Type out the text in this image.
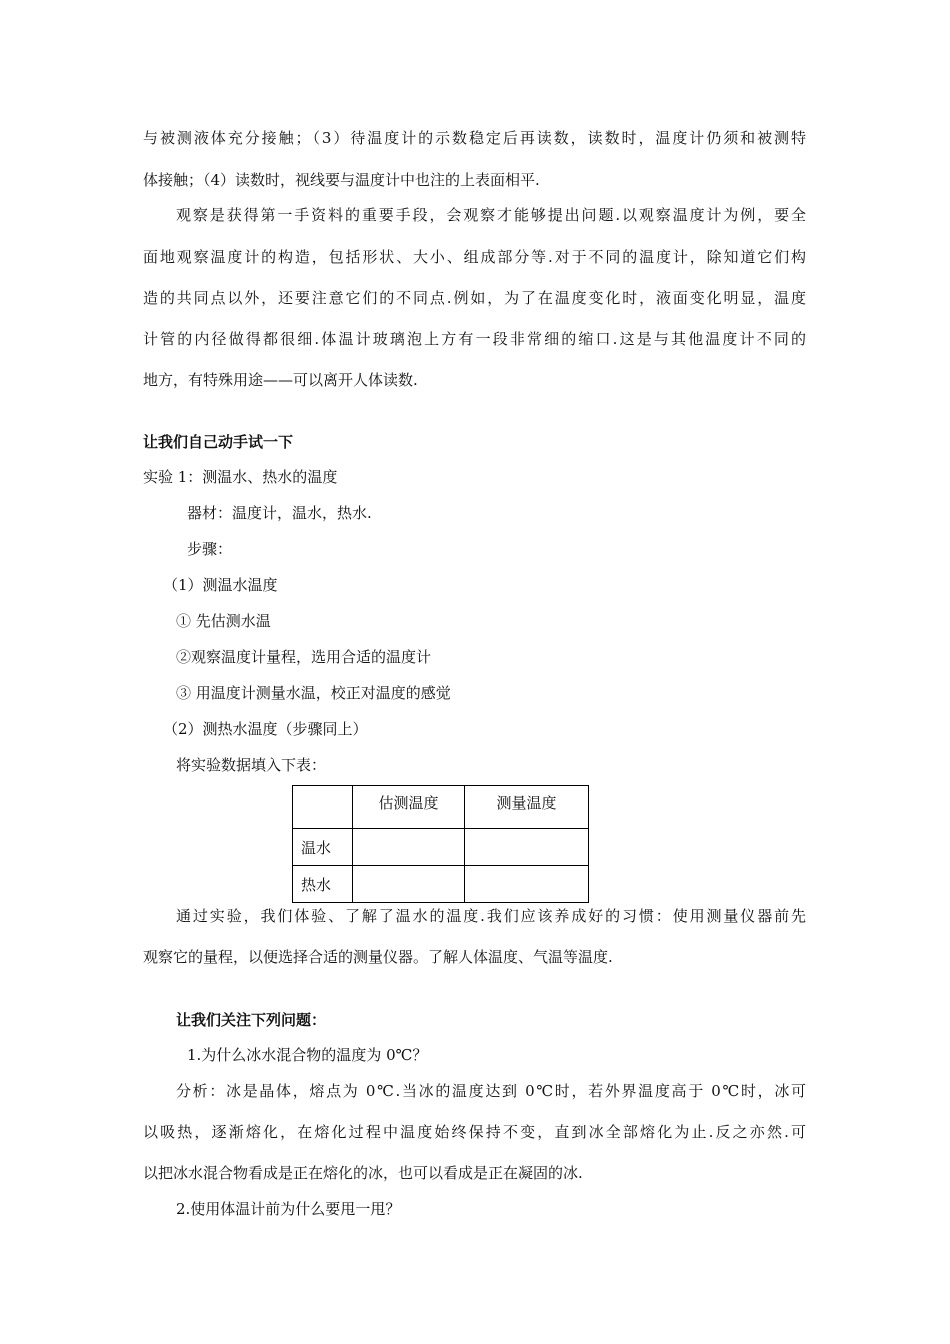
与被测液体充分接触；（3）待温度计的示数稳定后再读数，读数时，温度计仍须和被测特
体接触；（4）读数时，视线要与温度计中也注的上表面相平.
观察是获得第一手资料的重要手段，会观察才能够提出问题.以观察温度计为例，要全
面地观察温度计的构造，包括形状、大小、组成部分等.对于不同的温度计，除知道它们构
造的共同点以外，还要注意它们的不同点.例如，为了在温度变化时，液面变化明显，温度
计管的内径做得都很细.体温计玻璃泡上方有一段非常细的缩口.这是与其他温度计不同的
地方，有特殊用途——可以离开人体读数.
让我们自己动手试一下
实验 1：测温水、热水的温度
器材：温度计，温水，热水.
步骤：
（1）测温水温度
① 先估测水温
②观察温度计量程，选用合适的温度计
③ 用温度计测量水温，校正对温度的感觉
（2）测热水温度（步骤同上）
将实验数据填入下表：
	估测温度	测量温度
温水		
热水		
通过实验，我们体验、了解了温水的温度.我们应该养成好的习惯：使用测量仪器前先
观察它的量程，以便选择合适的测量仪器。了解人体温度、气温等温度.
让我们关注下列问题：
1.为什么冰水混合物的温度为 0℃？
分析：冰是晶体，熔点为 0℃.当冰的温度达到 0℃时，若外界温度高于 0℃时，冰可
以吸热，逐渐熔化，在熔化过程中温度始终保持不变，直到冰全部熔化为止.反之亦然.可
以把冰水混合物看成是正在熔化的冰，也可以看成是正在凝固的冰.
2.使用体温计前为什么要甩一甩？
